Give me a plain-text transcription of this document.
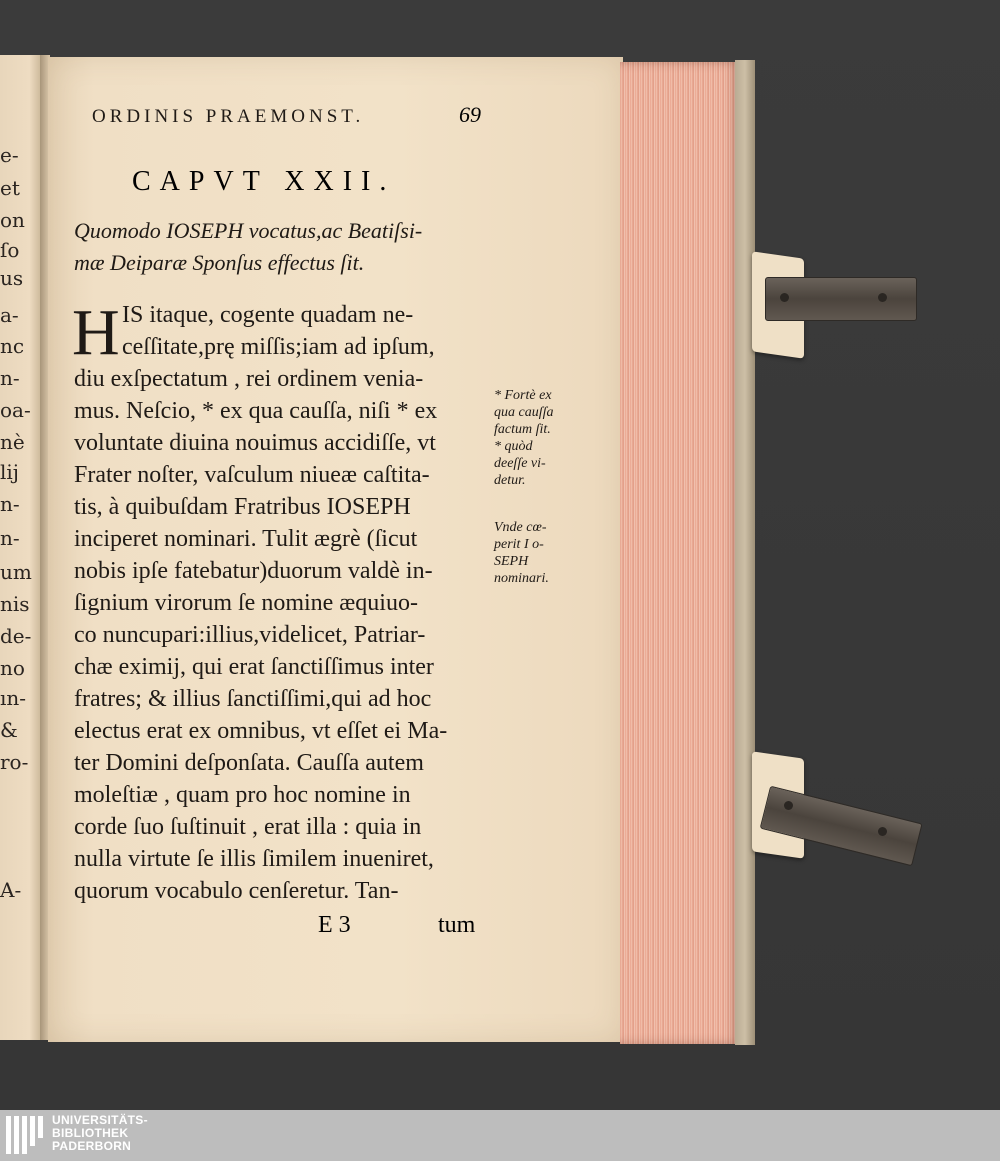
e-
et
on
ſo
us
a-
nc
n-
oa-
nè
lij
n-
n-
um
nis
de-
no
ın-
&
ro-
A-
ORDINIS PRAEMONST.	69
CAPVT XXII.
Quomodo IOSEPH vocatus,ac Beatiſsi-
mæ Deiparæ Sponſus effectus ſit.
H IS itaque, cogente quadam ne-
ceſſitate,prę miſſis;iam ad ipſum,
diu exſpectatum , rei ordinem venia-
mus. Neſcio, * ex qua cauſſa, niſi * ex
voluntate diuina nouimus accidiſſe, vt
Frater noſter, vaſculum niueæ caſtita-
tis, à quibuſdam Fratribus IOSEPH
inciperet nominari. Tulit ægrè (ſicut
nobis ipſe fatebatur)duorum valdè in-
ſignium virorum ſe nomine æquiuo-
co nuncupari:illius,videlicet, Patriar-
chæ eximij, qui erat ſanctiſſimus inter
fratres; & illius ſanctiſſimi,qui ad hoc
electus erat ex omnibus, vt eſſet ei Ma-
ter Domini deſponſata. Cauſſa autem
moleſtiæ , quam pro hoc nomine in
corde ſuo ſuſtinuit , erat illa : quia in
nulla virtute ſe illis ſimilem inueniret,
quorum vocabulo cenſeretur. Tan-
E 3	tum
* Fortè ex
qua cauſſa
factum ſit.
* quòd
deeſſe vi-
detur.
Vnde cœ-
perit I o-
SEPH
nominari.
UNIVERSITÄTS-
BIBLIOTHEK
PADERBORN
